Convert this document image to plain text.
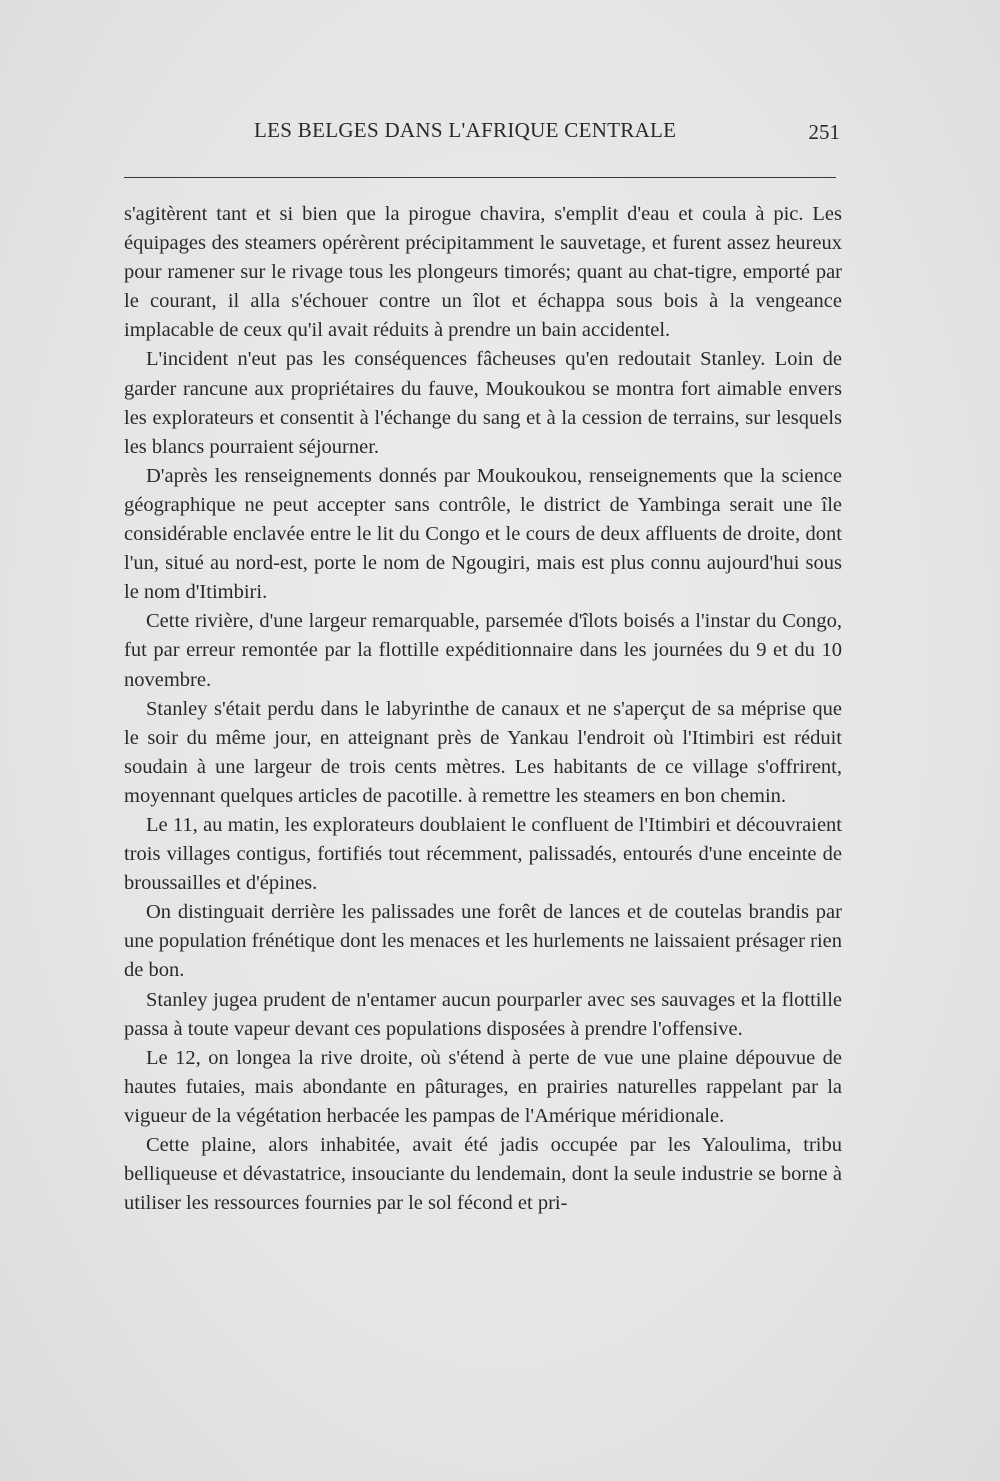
LES BELGES DANS L'AFRIQUE CENTRALE	251

s'agitèrent tant et si bien que la pirogue chavira, s'emplit d'eau et coula à pic. Les équipages des steamers opérèrent précipitamment le sauvetage, et furent assez heureux pour ramener sur le rivage tous les plongeurs timorés; quant au chat-tigre, emporté par le courant, il alla s'échouer contre un îlot et échappa sous bois à la vengeance implacable de ceux qu'il avait réduits à prendre un bain accidentel.

L'incident n'eut pas les conséquences fâcheuses qu'en redoutait Stanley. Loin de garder rancune aux propriétaires du fauve, Moukoukou se montra fort aimable envers les explorateurs et consentit à l'échange du sang et à la cession de terrains, sur lesquels les blancs pourraient séjourner.

D'après les renseignements donnés par Moukoukou, renseignements que la science géographique ne peut accepter sans contrôle, le district de Yambinga serait une île considérable enclavée entre le lit du Congo et le cours de deux affluents de droite, dont l'un, situé au nord-est, porte le nom de Ngougiri, mais est plus connu aujourd'hui sous le nom d'Itimbiri.

Cette rivière, d'une largeur remarquable, parsemée d'îlots boisés a l'instar du Congo, fut par erreur remontée par la flottille expéditionnaire dans les journées du 9 et du 10 novembre.

Stanley s'était perdu dans le labyrinthe de canaux et ne s'aperçut de sa méprise que le soir du même jour, en atteignant près de Yankau l'endroit où l'Itimbiri est réduit soudain à une largeur de trois cents mètres. Les habitants de ce village s'offrirent, moyennant quelques articles de pacotille. à remettre les steamers en bon chemin.

Le 11, au matin, les explorateurs doublaient le confluent de l'Itimbiri et découvraient trois villages contigus, fortifiés tout récemment, palissadés, entourés d'une enceinte de broussailles et d'épines.

On distinguait derrière les palissades une forêt de lances et de coutelas brandis par une population frénétique dont les menaces et les hurlements ne laissaient présager rien de bon.

Stanley jugea prudent de n'entamer aucun pourparler avec ses sauvages et la flottille passa à toute vapeur devant ces populations disposées à prendre l'offensive.

Le 12, on longea la rive droite, où s'étend à perte de vue une plaine dépouvue de hautes futaies, mais abondante en pâturages, en prairies naturelles rappelant par la vigueur de la végétation herbacée les pampas de l'Amérique méridionale.

Cette plaine, alors inhabitée, avait été jadis occupée par les Yaloulima, tribu belliqueuse et dévastatrice, insouciante du lendemain, dont la seule industrie se borne à utiliser les ressources fournies par le sol fécond et pri-
